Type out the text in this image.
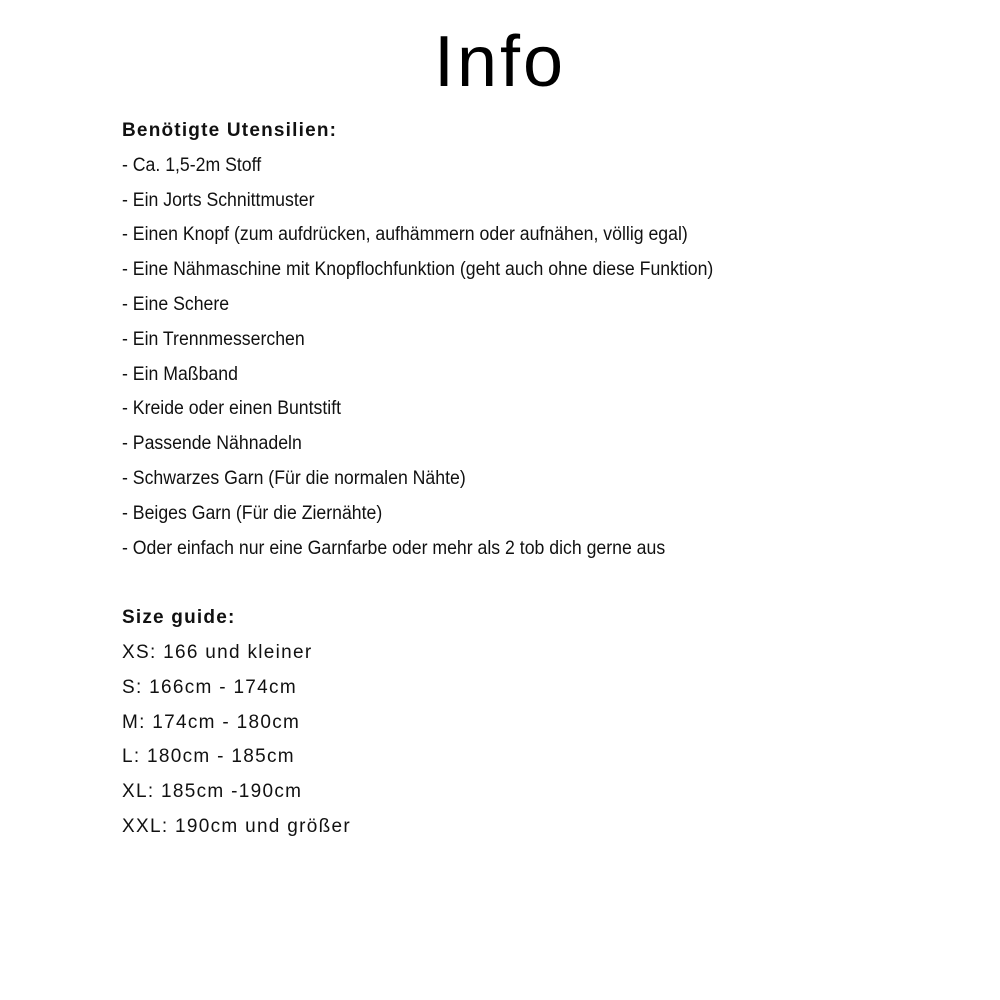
Info
Benötigte Utensilien:
- Ca. 1,5-2m Stoff
- Ein Jorts Schnittmuster
- Einen Knopf (zum aufdrücken, aufhämmern oder aufnähen, völlig egal)
- Eine Nähmaschine mit Knopflochfunktion (geht auch ohne diese Funktion)
- Eine Schere
- Ein Trennmesserchen
- Ein Maßband
- Kreide oder einen Buntstift
- Passende Nähnadeln
- Schwarzes Garn (Für die normalen Nähte)
- Beiges Garn (Für die Ziernähte)
- Oder einfach nur eine Garnfarbe oder mehr als 2 tob dich gerne aus
Size guide:
XS: 166 und kleiner
S: 166cm - 174cm
M: 174cm - 180cm
L: 180cm - 185cm
XL: 185cm -190cm
XXL: 190cm und größer
